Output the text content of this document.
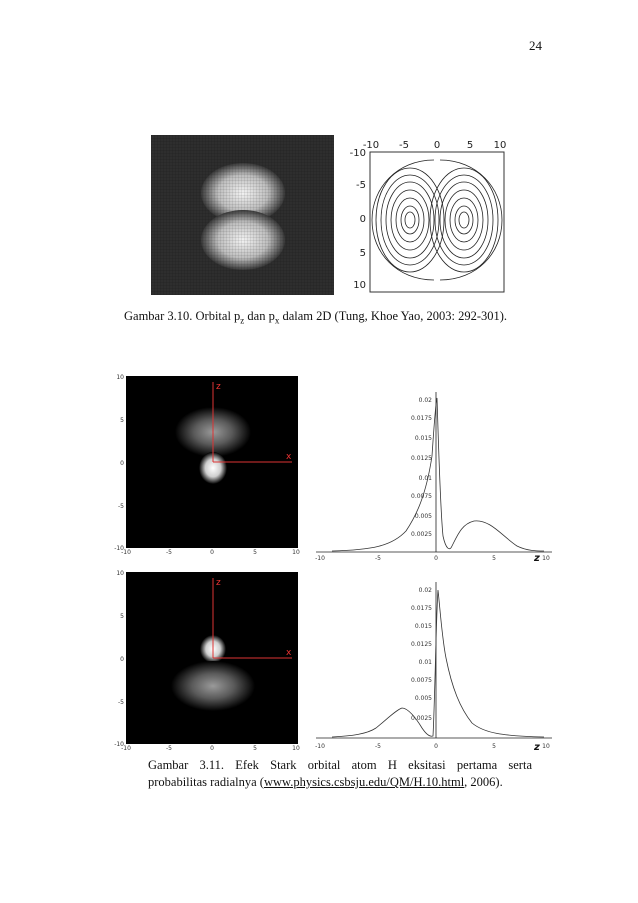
24
-10 -5 0	5 10
-10
-5
0
5
10
Gambar 3.10. Orbital $p_z$ dan $p_x$ dalam 2D (Tung, Khoe Yao, 2003: 292-301).
z
x
10
5
0
-5
-10
-10	-5	0	5	10
z
x
10
5
0
-5
-10
-10	-5	0	5	10
0.02
0.0175
0.015
0.0125
0.01
0.0075
0.005
0.0025
-10	-5	0	5	10
z
0.02
0.0175
0.015
0.0125
0.01
0.0075
0.005
0.0025
-10	-5	0	5	10
z
Gambar 3.11. Efek Stark orbital atom H eksitasi pertama serta
probabilitas radialnya (www.physics.csbsju.edu/QM/H.10.html, 2006).
